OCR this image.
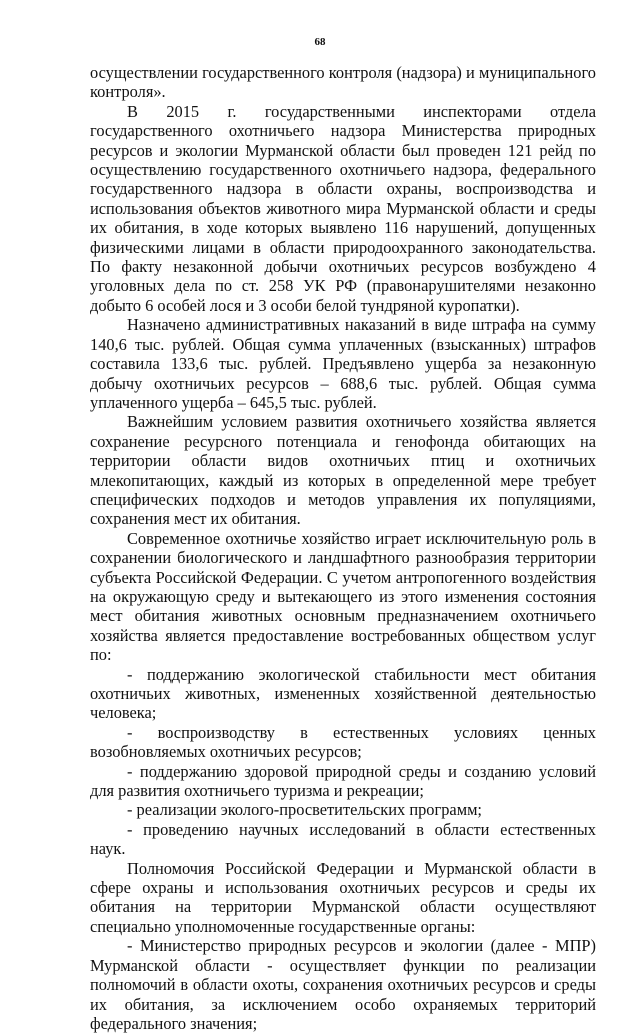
68

осуществлении государственного контроля (надзора) и муниципального контроля».

В 2015 г. государственными инспекторами отдела государственного охотничьего надзора Министерства природных ресурсов и экологии Мурманской области был проведен 121 рейд по осуществлению государственного охотничьего надзора, федерального государственного надзора в области охраны, воспроизводства и использования объектов животного мира Мурманской области и среды их обитания, в ходе которых выявлено 116 нарушений, допущенных физическими лицами в области природоохранного законодательства. По факту незаконной добычи охотничьих ресурсов возбуждено 4 уголовных дела по ст. 258 УК РФ (правонарушителями незаконно добыто 6 особей лося и 3 особи белой тундряной куропатки).

Назначено административных наказаний в виде штрафа на сумму 140,6 тыс. рублей. Общая сумма уплаченных (взысканных) штрафов составила 133,6 тыс. рублей. Предъявлено ущерба за незаконную добычу охотничьих ресурсов – 688,6 тыс. рублей. Общая сумма уплаченного ущерба – 645,5 тыс. рублей.

Важнейшим условием развития охотничьего хозяйства является сохранение ресурсного потенциала и генофонда обитающих на территории области видов охотничьих птиц и охотничьих млекопитающих, каждый из которых в определенной мере требует специфических подходов и методов управления их популяциями, сохранения мест их обитания.

Современное охотничье хозяйство играет исключительную роль в сохранении биологического и ландшафтного разнообразия территории субъекта Российской Федерации. С учетом антропогенного воздействия на окружающую среду и вытекающего из этого изменения состояния мест обитания животных основным предназначением охотничьего хозяйства является предоставление востребованных обществом услуг по:

- поддержанию экологической стабильности мест обитания охотничьих животных, измененных хозяйственной деятельностью человека;

- воспроизводству в естественных условиях ценных возобновляемых охотничьих ресурсов;

- поддержанию здоровой природной среды и созданию условий для развития охотничьего туризма и рекреации;

- реализации эколого-просветительских программ;

- проведению научных исследований в области естественных наук.

Полномочия Российской Федерации и Мурманской области в сфере охраны и использования охотничьих ресурсов и среды их обитания на территории Мурманской области осуществляют специально уполномоченные государственные органы:

- Министерство природных ресурсов и экологии (далее - МПР) Мурманской области - осуществляет функции по реализации полномочий в области охоты, сохранения охотничьих ресурсов и среды их обитания, за исключением особо охраняемых территорий федерального значения;
